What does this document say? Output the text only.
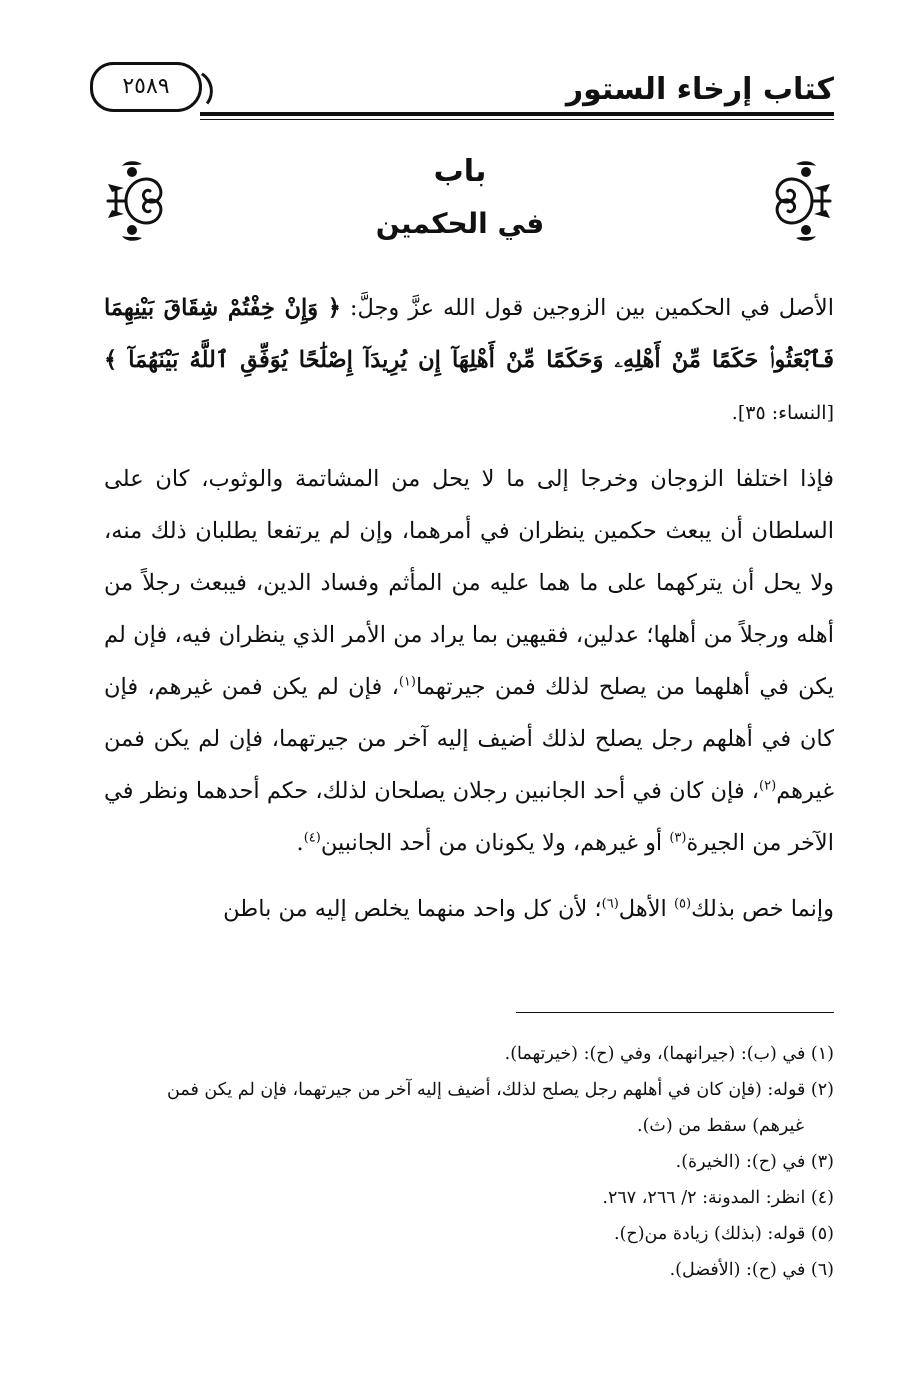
كتاب إرخاء الستور
٢٥٨٩
باب
في الحكمين

الأصل في الحكمين بين الزوجين قول الله عزَّ وجلَّ: ﴿ وَإِنْ خِفْتُمْ شِقَاقَ بَيْنِهِمَا فَٱبْعَثُوا۟ حَكَمًا مِّنْ أَهْلِهِۦ وَحَكَمًا مِّنْ أَهْلِهَآ إِن يُرِيدَآ إِصْلَٰحًا يُوَفِّقِ ٱللَّهُ بَيْنَهُمَآ ﴾ [النساء: ٣٥].

فإذا اختلفا الزوجان وخرجا إلى ما لا يحل من المشاتمة والوثوب، كان على السلطان أن يبعث حكمين ينظران في أمرهما، وإن لم يرتفعا يطلبان ذلك منه، ولا يحل أن يتركهما على ما هما عليه من المأثم وفساد الدين، فيبعث رجلاً من أهله ورجلاً من أهلها؛ عدلين، فقيهين بما يراد من الأمر الذي ينظران فيه، فإن لم يكن في أهلهما من يصلح لذلك فمن جيرتهما$^{(١)}$، فإن لم يكن فمن غيرهم، فإن كان في أهلهم رجل يصلح لذلك أضيف إليه آخر من جيرتهما، فإن لم يكن فمن غيرهم$^{(٢)}$، فإن كان في أحد الجانبين رجلان يصلحان لذلك، حكم أحدهما ونظر في الآخر من الجيرة$^{(٣)}$ أو غيرهم، ولا يكونان من أحد الجانبين$^{(٤)}$.

وإنما خص بذلك$^{(٥)}$ الأهل$^{(٦)}$؛ لأن كل واحد منهما يخلص إليه من باطن

(١) في (ب): (جيرانهما)، وفي (ح): (خيرتهما).

(٢) قوله: (فإن كان في أهلهم رجل يصلح لذلك، أضيف إليه آخر من جيرتهما، فإن لم يكن فمن

غيرهم) سقط من (ث).

(٣) في (ح): (الخيرة).

(٤) انظر: المدونة: ٢/ ٢٦٦، ٢٦٧.

(٥) قوله: (بذلك) زيادة من(ح).

(٦) في (ح): (الأفضل).
